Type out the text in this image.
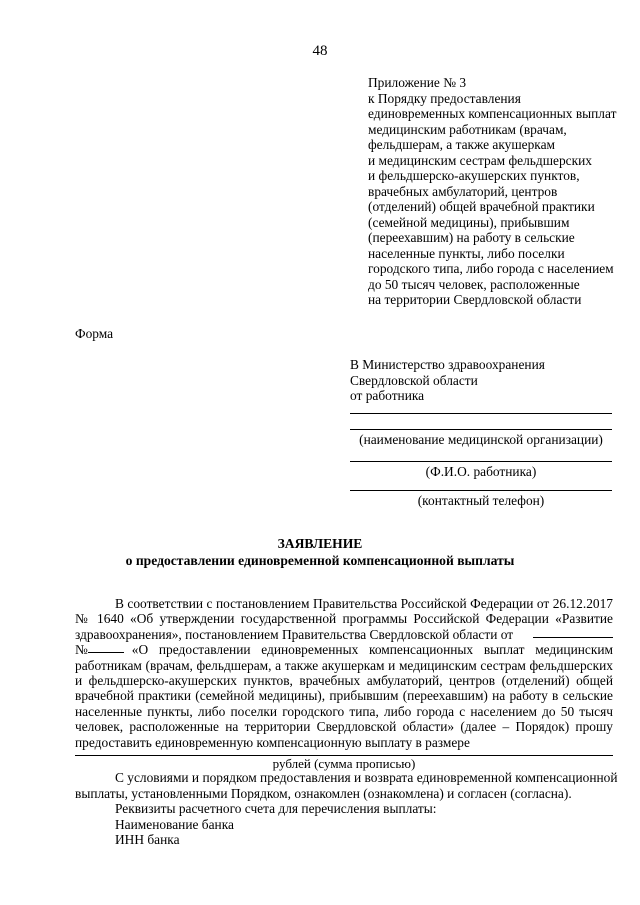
48
Приложение № 3
к Порядку предоставления
единовременных компенсационных выплат
медицинским работникам (врачам,
фельдшерам, а также акушеркам
и медицинским сестрам фельдшерских
и фельдшерско-акушерских пунктов,
врачебных амбулаторий, центров
(отделений) общей врачебной практики
(семейной медицины), прибывшим
(переехавшим) на работу в сельские
населенные пункты, либо поселки
городского типа, либо города с населением
до 50 тысяч человек, расположенные
на территории Свердловской области
Форма
В Министерство здравоохранения
Свердловской области
от работника
(наименование медицинской организации)
(Ф.И.О. работника)
(контактный телефон)
ЗАЯВЛЕНИЕ
о предоставлении единовременной компенсационной выплаты
В соответствии с постановлением Правительства Российской Федерации от 26.12.2017
№ 1640 «Об утверждении государственной программы Российской Федерации «Развитие
здравоохранения», постановлением Правительства Свердловской области от
№	«О предоставлении единовременных компенсационных выплат медицинским
работникам (врачам, фельдшерам, а также акушеркам и медицинским сестрам фельдшерских
и фельдшерско-акушерских пунктов, врачебных амбулаторий, центров (отделений) общей
врачебной практики (семейной медицины), прибывшим (переехавшим) на работу в сельские
населенные пункты, либо поселки городского типа, либо города с населением до 50 тысяч
человек, расположенные на территории Свердловской области» (далее – Порядок) прошу
предоставить единовременную компенсационную выплату в размере
рублей (сумма прописью)
С условиями и порядком предоставления и возврата единовременной компенсационной
выплаты, установленными Порядком, ознакомлен (ознакомлена) и согласен (согласна).
Реквизиты расчетного счета для перечисления выплаты:
Наименование банка
ИНН банка
